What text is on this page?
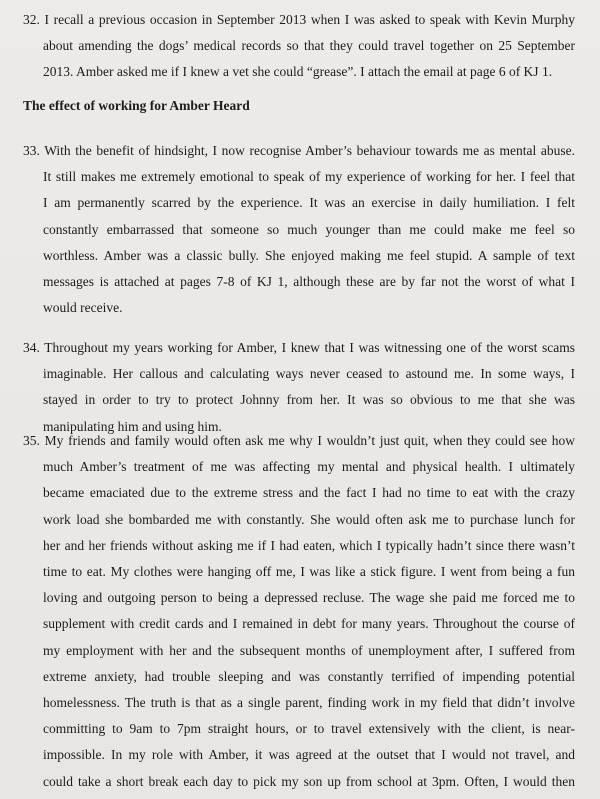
32. I recall a previous occasion in September 2013 when I was asked to speak with Kevin Murphy
about amending the dogs’ medical records so that they could travel together on 25 September
2013. Amber asked me if I knew a vet she could “grease”. I attach the email at page 6 of KJ 1.
The effect of working for Amber Heard
33. With the benefit of hindsight, I now recognise Amber’s behaviour towards me as mental abuse.
It still makes me extremely emotional to speak of my experience of working for her. I feel that
I am permanently scarred by the experience. It was an exercise in daily humiliation. I felt
constantly embarrassed that someone so much younger than me could make me feel so
worthless. Amber was a classic bully. She enjoyed making me feel stupid. A sample of text
messages is attached at pages 7-8 of KJ 1, although these are by far not the worst of what I
would receive.
34. Throughout my years working for Amber, I knew that I was witnessing one of the worst scams
imaginable. Her callous and calculating ways never ceased to astound me. In some ways, I
stayed in order to try to protect Johnny from her. It was so obvious to me that she was
manipulating him and using him.
35. My friends and family would often ask me why I wouldn’t just quit, when they could see how
much Amber’s treatment of me was affecting my mental and physical health. I ultimately
became emaciated due to the extreme stress and the fact I had no time to eat with the crazy
work load she bombarded me with constantly. She would often ask me to purchase lunch for
her and her friends without asking me if I had eaten, which I typically hadn’t since there wasn’t
time to eat. My clothes were hanging off me, I was like a stick figure. I went from being a fun
loving and outgoing person to being a depressed recluse. The wage she paid me forced me to
supplement with credit cards and I remained in debt for many years. Throughout the course of
my employment with her and the subsequent months of unemployment after, I suffered from
extreme anxiety, had trouble sleeping and was constantly terrified of impending potential
homelessness. The truth is that as a single parent, finding work in my field that didn’t involve
committing to 9am to 7pm straight hours, or to travel extensively with the client, is near-
impossible. In my role with Amber, it was agreed at the outset that I would not travel, and
could take a short break each day to pick my son up from school at 3pm. Often, I would then
